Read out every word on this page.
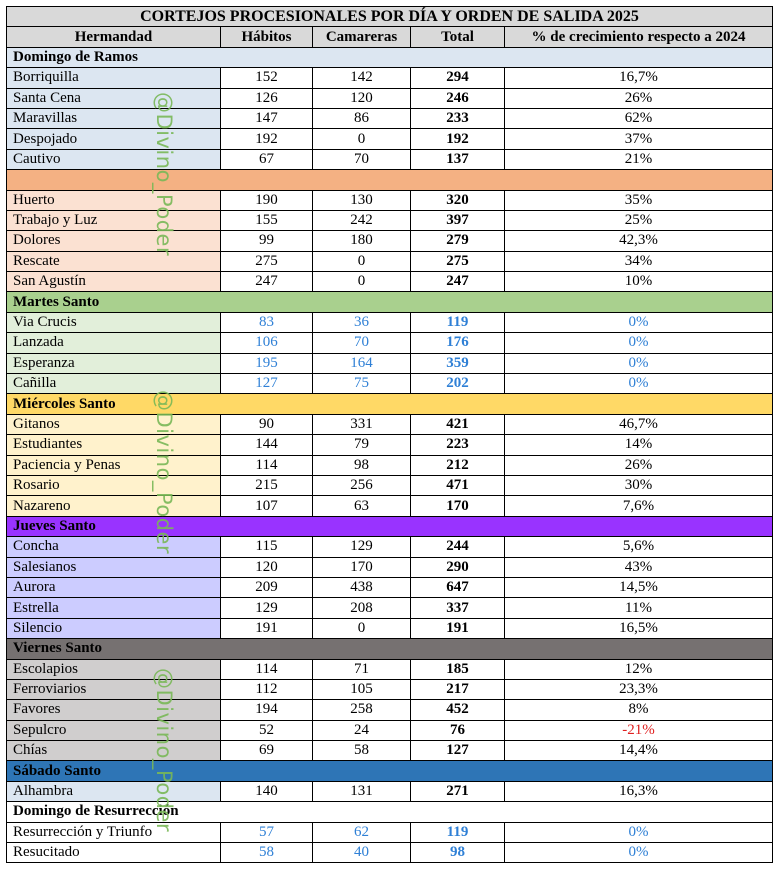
CORTEJOS PROCESIONALES POR DÍA Y ORDEN DE SALIDA 2025				
Hermandad	Hábitos	Camareras	Total	% de crecimiento respecto a 2024
Domingo de Ramos				
Borriquilla	152	142	294	16,7%
Santa Cena	126	120	246	26%
Maravillas	147	86	233	62%
Despojado	192	0	192	37%
Cautivo	67	70	137	21%

Huerto	190	130	320	35%
Trabajo y Luz	155	242	397	25%
Dolores	99	180	279	42,3%
Rescate	275	0	275	34%
San Agustín	247	0	247	10%
Martes Santo				
Via Crucis	83	36	119	0%
Lanzada	106	70	176	0%
Esperanza	195	164	359	0%
Cañilla	127	75	202	0%
Miércoles Santo				
Gitanos	90	331	421	46,7%
Estudiantes	144	79	223	14%
Paciencia y Penas	114	98	212	26%
Rosario	215	256	471	30%
Nazareno	107	63	170	7,6%
Jueves Santo				
Concha	115	129	244	5,6%
Salesianos	120	170	290	43%
Aurora	209	438	647	14,5%
Estrella	129	208	337	11%
Silencio	191	0	191	16,5%
Viernes Santo				
Escolapios	114	71	185	12%
Ferroviarios	112	105	217	23,3%
Favores	194	258	452	8%
Sepulcro	52	24	76	-21%
Chías	69	58	127	14,4%
Sábado Santo				
Alhambra	140	131	271	16,3%
Domingo de Resurrección				
Resurrección y Triunfo	57	62	119	0%
Resucitado	58	40	98	0%
@Divino_Poder
@Divino_Poder
@Divino_Poder
